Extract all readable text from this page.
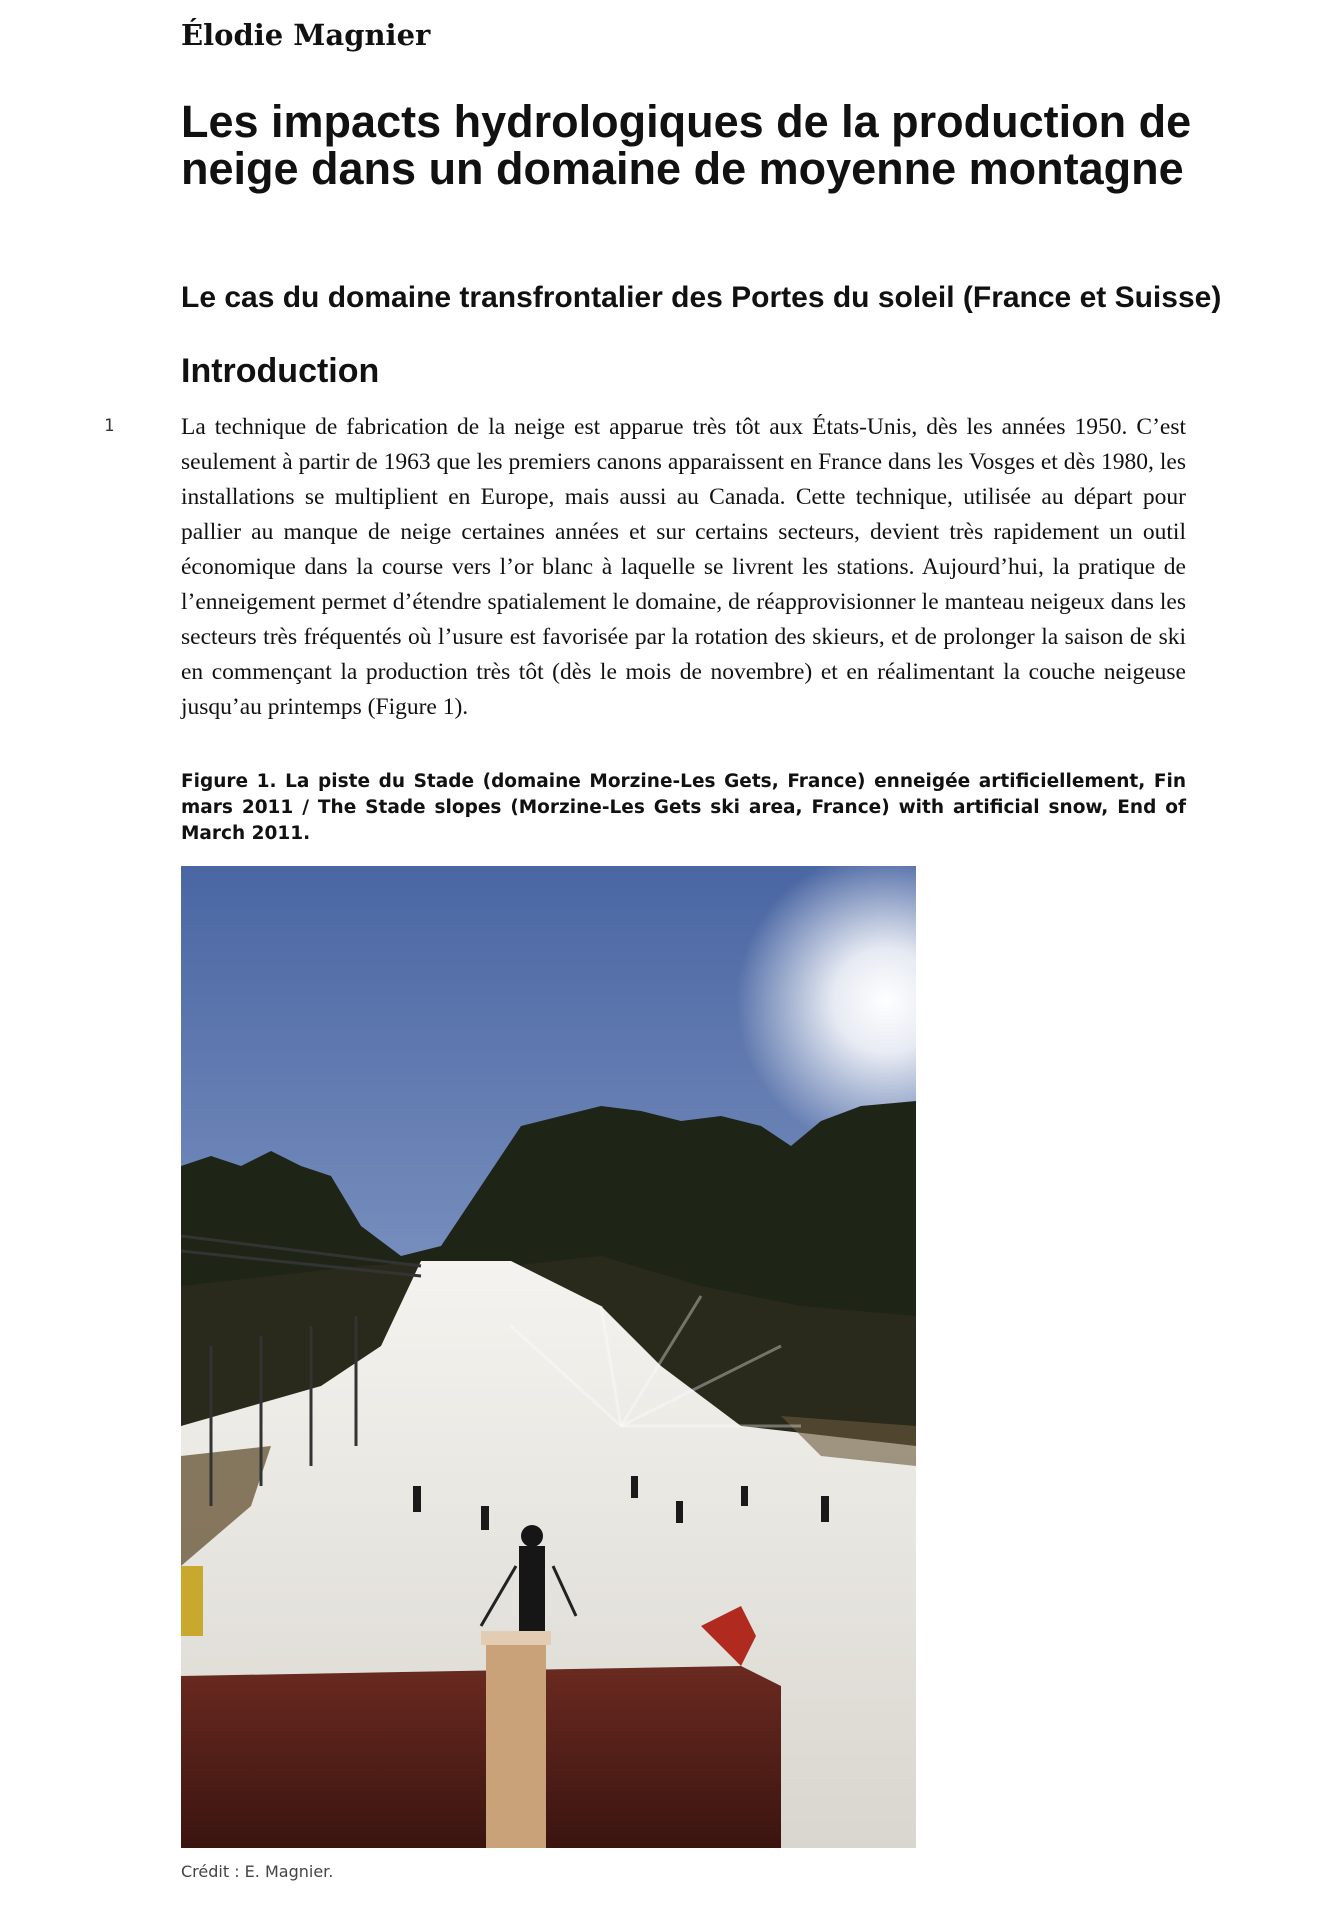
Élodie Magnier
Les impacts hydrologiques de la production de neige dans un domaine de moyenne montagne
Le cas du domaine transfrontalier des Portes du soleil (France et Suisse)
Introduction
1	La technique de fabrication de la neige est apparue très tôt aux États-Unis, dès les années 1950. C’est seulement à partir de 1963 que les premiers canons apparaissent en France dans les Vosges et dès 1980, les installations se multiplient en Europe, mais aussi au Canada. Cette technique, utilisée au départ pour pallier au manque de neige certaines années et sur certains secteurs, devient très rapidement un outil économique dans la course vers l’or blanc à laquelle se livrent les stations. Aujourd’hui, la pratique de l’enneigement permet d’étendre spatialement le domaine, de réapprovisionner le manteau neigeux dans les secteurs très fréquentés où l’usure est favorisée par la rotation des skieurs, et de prolonger la saison de ski en commençant la production très tôt (dès le mois de novembre) et en réalimentant la couche neigeuse jusqu’au printemps (Figure 1).

Figure 1. La piste du Stade (domaine Morzine-Les Gets, France) enneigée artificiellement, Fin mars 2011 / The Stade slopes (Morzine-Les Gets ski area, France) with artificial snow, End of March 2011.

Crédit : E. Magnier.
